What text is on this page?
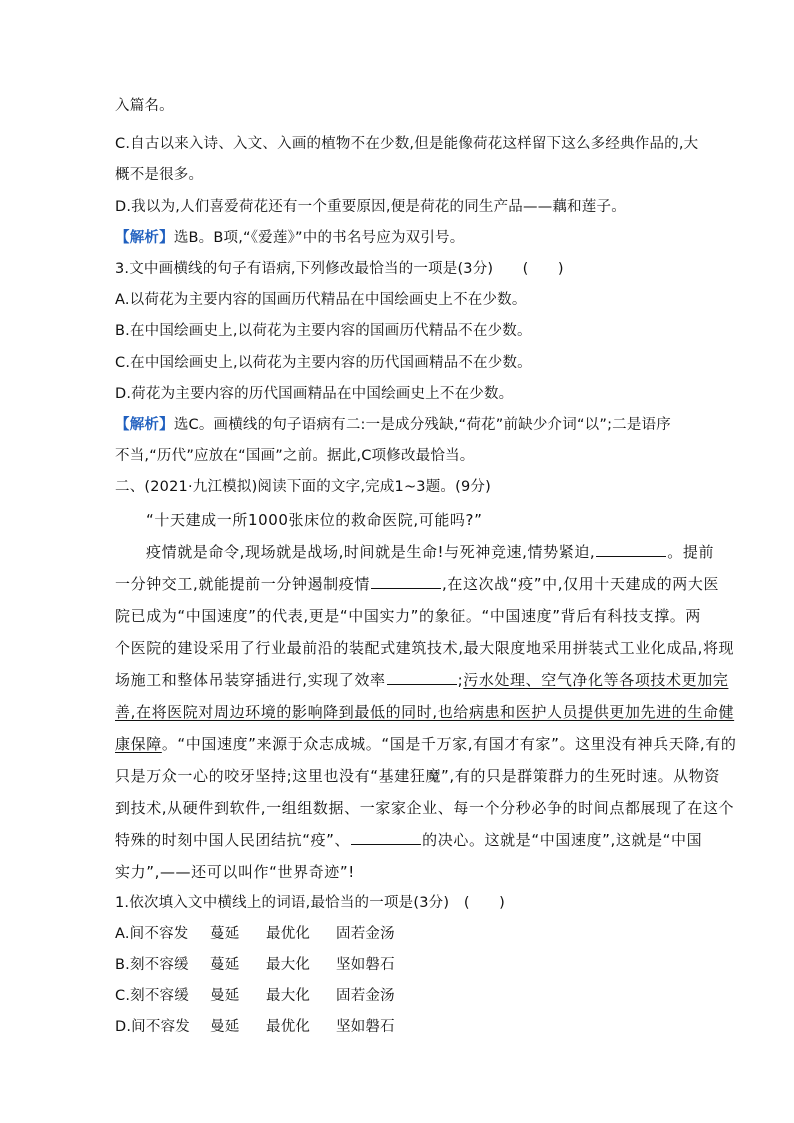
入篇名。
C.自古以来入诗、入文、入画的植物不在少数,但是能像荷花这样留下这么多经典作品的,大
概不是很多。
D.我以为,人们喜爱荷花还有一个重要原因,便是荷花的同生产品——藕和莲子。
【解析】选B。B项,“《爱莲》”中的书名号应为双引号。
3.文中画横线的句子有语病,下列修改最恰当的一项是(3分)　　(　　)
A.以荷花为主要内容的国画历代精品在中国绘画史上不在少数。
B.在中国绘画史上,以荷花为主要内容的国画历代精品不在少数。
C.在中国绘画史上,以荷花为主要内容的历代国画精品不在少数。
D.荷花为主要内容的历代国画精品在中国绘画史上不在少数。
【解析】选C。画横线的句子语病有二:一是成分残缺,“荷花”前缺少介词“以”;二是语序
不当,“历代”应放在“国画”之前。据此,C项修改最恰当。
二、(2021·九江模拟)阅读下面的文字,完成1~3题。(9分)
“十天建成一所1000张床位的救命医院,可能吗?”
疫情就是命令,现场就是战场,时间就是生命!与死神竞速,情势紧迫,	。提前
一分钟交工,就能提前一分钟遏制疫情	,在这次战“疫”中,仅用十天建成的两大医
院已成为“中国速度”的代表,更是“中国实力”的象征。“中国速度”背后有科技支撑。两
个医院的建设采用了行业最前沿的装配式建筑技术,最大限度地采用拼装式工业化成品,将现
场施工和整体吊装穿插进行,实现了效率	;污水处理、空气净化等各项技术更加完
善,在将医院对周边环境的影响降到最低的同时,也给病患和医护人员提供更加先进的生命健
康保障。“中国速度”来源于众志成城。“国是千万家,有国才有家”。这里没有神兵天降,有的
只是万众一心的咬牙坚持;这里也没有“基建狂魔”,有的只是群策群力的生死时速。从物资
到技术,从硬件到软件,一组组数据、一家家企业、每一个分秒必争的时间点都展现了在这个
特殊的时刻中国人民团结抗“疫”、	的决心。这就是“中国速度”,这就是“中国
实力”,——还可以叫作“世界奇迹”!
1.依次填入文中横线上的词语,最恰当的一项是(3分)　(　　)
A.间不容发 蔓延 最优化 固若金汤
B.刻不容缓 蔓延 最大化 坚如磐石
C.刻不容缓 曼延 最大化 固若金汤
D.间不容发 曼延 最优化 坚如磐石
